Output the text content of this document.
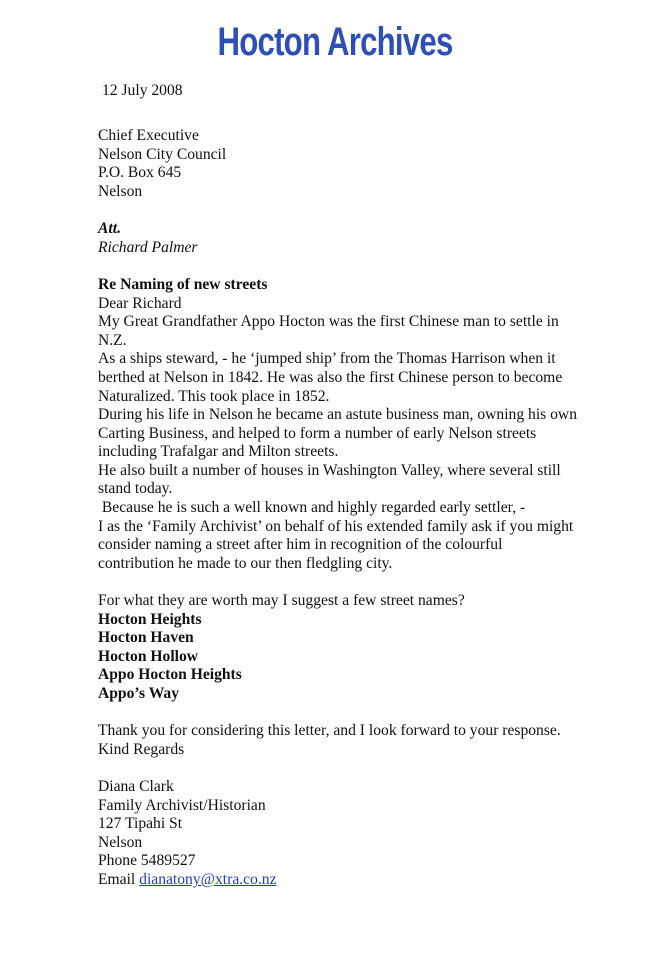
Hocton Archives
12 July 2008
Chief Executive
Nelson City Council
P.O. Box 645
Nelson
Att.
Richard Palmer
Re Naming of new streets
Dear Richard
My Great Grandfather Appo Hocton was the first Chinese man to settle in
N.Z.
As a ships steward, - he ‘jumped ship’ from the Thomas Harrison when it
berthed at Nelson in 1842. He was also the first Chinese person to become
Naturalized. This took place in 1852.
During his life in Nelson he became an astute business man, owning his own
Carting Business, and helped to form a number of early Nelson streets
including Trafalgar and Milton streets.
He also built a number of houses in Washington Valley, where several still
stand today.
Because he is such a well known and highly regarded early settler, -
I as the ‘Family Archivist’ on behalf of his extended family ask if you might
consider naming a street after him in recognition of the colourful
contribution he made to our then fledgling city.
For what they are worth may I suggest a few street names?
Hocton Heights
Hocton Haven
Hocton Hollow
Appo Hocton Heights
Appo’s Way
Thank you for considering this letter, and I look forward to your response.
Kind Regards
Diana Clark
Family Archivist/Historian
127 Tipahi St
Nelson
Phone 5489527
Email dianatony@xtra.co.nz
